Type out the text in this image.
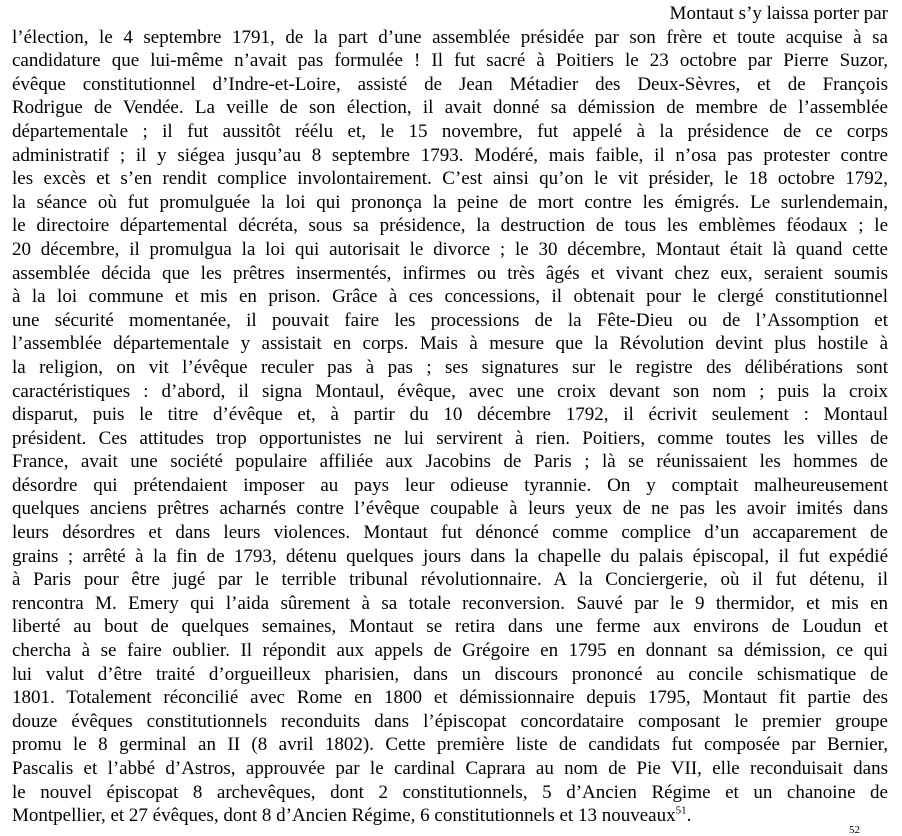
Montaut s’y laissa porter par
l’élection, le 4 septembre 1791, de la part d’une assemblée présidée par son frère et toute acquise à sa
candidature que lui-même n’avait pas formulée ! Il fut sacré à Poitiers le 23 octobre par Pierre Suzor,
évêque constitutionnel d’Indre-et-Loire, assisté de Jean Métadier des Deux-Sèvres, et de François
Rodrigue de Vendée. La veille de son élection, il avait donné sa démission de membre de l’assemblée
départementale ; il fut aussitôt réélu et, le 15 novembre, fut appelé à la présidence de ce corps
administratif ; il y siégea jusqu’au 8 septembre 1793. Modéré, mais faible, il n’osa pas protester contre
les excès et s’en rendit complice involontairement. C’est ainsi qu’on le vit présider, le 18 octobre 1792,
la séance où fut promulguée la loi qui prononça la peine de mort contre les émigrés. Le surlendemain,
le directoire départemental décréta, sous sa présidence, la destruction de tous les emblèmes féodaux ; le
20 décembre, il promulgua la loi qui autorisait le divorce ; le 30 décembre, Montaut était là quand cette
assemblée décida que les prêtres insermentés, infirmes ou très âgés et vivant chez eux, seraient soumis
à la loi commune et mis en prison. Grâce à ces concessions, il obtenait pour le clergé constitutionnel
une sécurité momentanée, il pouvait faire les processions de la Fête-Dieu ou de l’Assomption et
l’assemblée départementale y assistait en corps. Mais à mesure que la Révolution devint plus hostile à
la religion, on vit l’évêque reculer pas à pas ; ses signatures sur le registre des délibérations sont
caractéristiques : d’abord, il signa Montaul, évêque, avec une croix devant son nom ; puis la croix
disparut, puis le titre d’évêque et, à partir du 10 décembre 1792, il écrivit seulement : Montaul
président. Ces attitudes trop opportunistes ne lui servirent à rien. Poitiers, comme toutes les villes de
France, avait une société populaire affiliée aux Jacobins de Paris ; là se réunissaient les hommes de
désordre qui prétendaient imposer au pays leur odieuse tyrannie. On y comptait malheureusement
quelques anciens prêtres acharnés contre l’évêque coupable à leurs yeux de ne pas les avoir imités dans
leurs désordres et dans leurs violences. Montaut fut dénoncé comme complice d’un accaparement de
grains ; arrêté à la fin de 1793, détenu quelques jours dans la chapelle du palais épiscopal, il fut expédié
à Paris pour être jugé par le terrible tribunal révolutionnaire. A la Conciergerie, où il fut détenu, il
rencontra M. Emery qui l’aida sûrement à sa totale reconversion. Sauvé par le 9 thermidor, et mis en
liberté au bout de quelques semaines, Montaut se retira dans une ferme aux environs de Loudun et
chercha à se faire oublier. Il répondit aux appels de Grégoire en 1795 en donnant sa démission, ce qui
lui valut d’être traité d’orgueilleux pharisien, dans un discours prononcé au concile schismatique de
1801. Totalement réconcilié avec Rome en 1800 et démissionnaire depuis 1795, Montaut fit partie des
douze évêques constitutionnels reconduits dans l’épiscopat concordataire composant le premier groupe
promu le 8 germinal an II (8 avril 1802). Cette première liste de candidats fut composée par Bernier,
Pascalis et l’abbé d’Astros, approuvée par le cardinal Caprara au nom de Pie VII, elle reconduisait dans
le nouvel épiscopat 8 archevêques, dont 2 constitutionnels, 5 d’Ancien Régime et un chanoine de
Montpellier, et 27 évêques, dont 8 d’Ancien Régime, 6 constitutionnels et 13 nouveaux$^{51}$.
52
